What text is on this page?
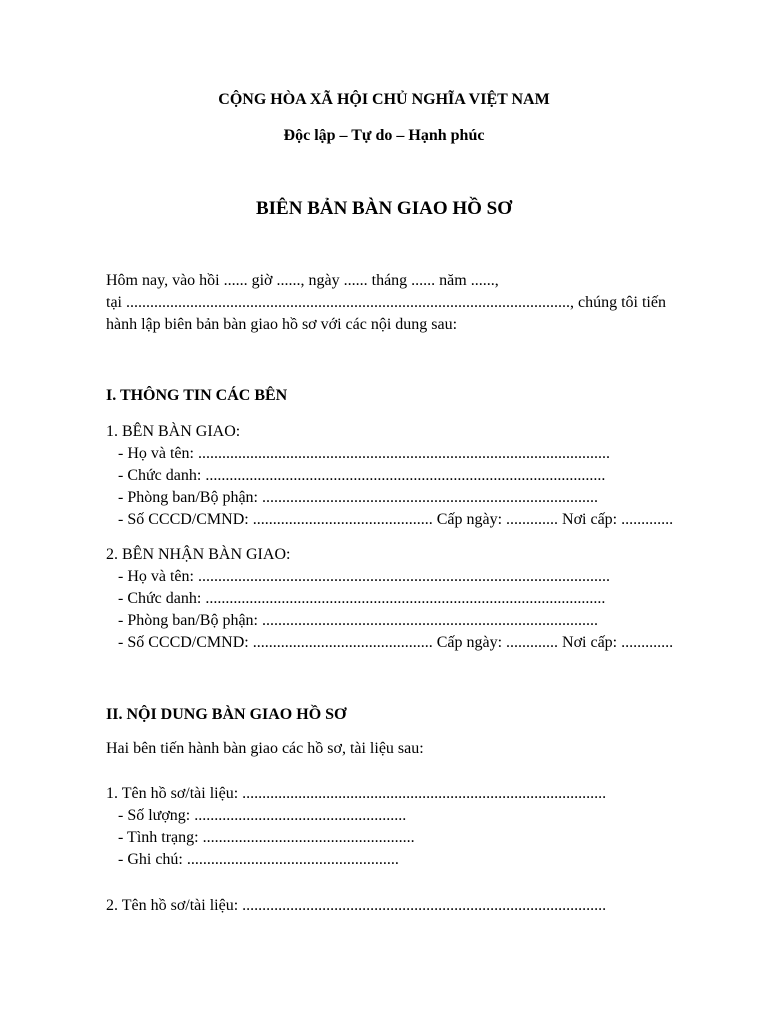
CỘNG HÒA XÃ HỘI CHỦ NGHĨA VIỆT NAM
Độc lập – Tự do – Hạnh phúc
BIÊN BẢN BÀN GIAO HỒ SƠ
Hôm nay, vào hồi ...... giờ ......, ngày ...... tháng ...... năm ......,
tại ..............................................................................................................., chúng tôi tiến
hành lập biên bản bàn giao hồ sơ với các nội dung sau:
I. THÔNG TIN CÁC BÊN
1. BÊN BÀN GIAO:
- Họ và tên: .......................................................................................................
- Chức danh: ....................................................................................................
- Phòng ban/Bộ phận: ....................................................................................
- Số CCCD/CMND: ............................................. Cấp ngày: ............. Nơi cấp: .............
2. BÊN NHẬN BÀN GIAO:
- Họ và tên: .......................................................................................................
- Chức danh: ....................................................................................................
- Phòng ban/Bộ phận: ....................................................................................
- Số CCCD/CMND: ............................................. Cấp ngày: ............. Nơi cấp: .............
II. NỘI DUNG BÀN GIAO HỒ SƠ
Hai bên tiến hành bàn giao các hồ sơ, tài liệu sau:
1. Tên hồ sơ/tài liệu: ...........................................................................................
- Số lượng: .....................................................
- Tình trạng: .....................................................
- Ghi chú: .....................................................
2. Tên hồ sơ/tài liệu: ...........................................................................................
